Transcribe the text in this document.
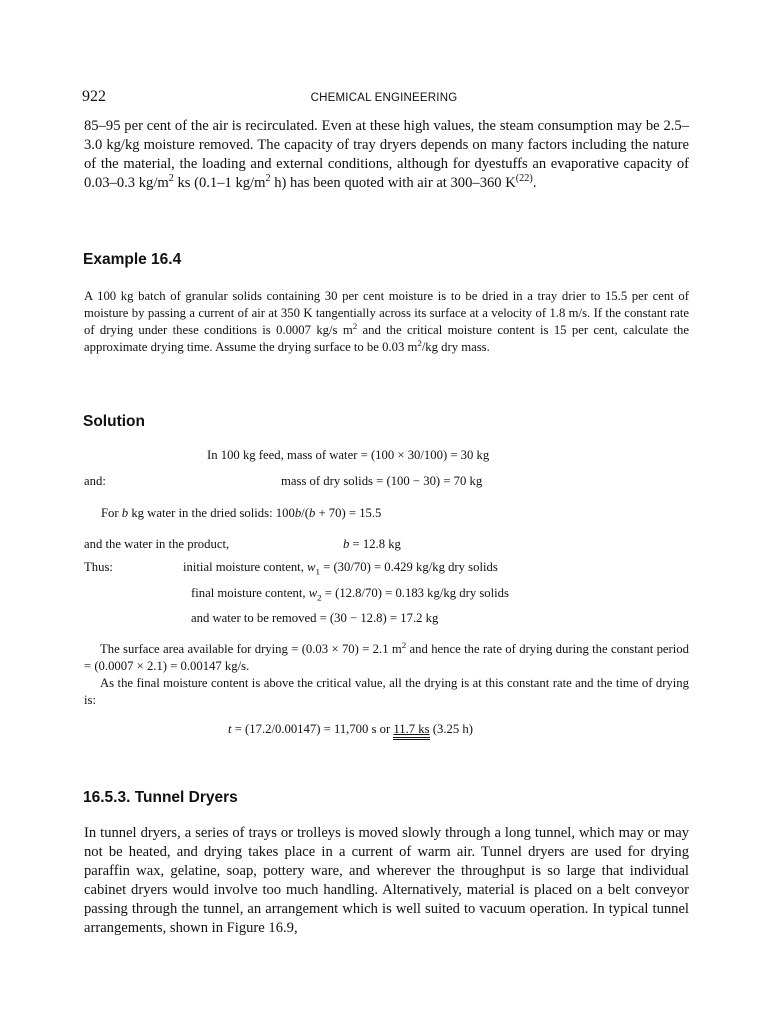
922	CHEMICAL ENGINEERING
85–95 per cent of the air is recirculated. Even at these high values, the steam consumption may be 2.5–3.0 kg/kg moisture removed. The capacity of tray dryers depends on many factors including the nature of the material, the loading and external conditions, although for dyestuffs an evaporative capacity of 0.03–0.3 $kg/m^2$ ks (0.1–1 $kg/m^2$ h) has been quoted with air at 300–360 $K^{(22)}$.
Example 16.4
A 100 kg batch of granular solids containing 30 per cent moisture is to be dried in a tray drier to 15.5 per cent of moisture by passing a current of air at 350 K tangentially across its surface at a velocity of 1.8 m/s. If the constant rate of drying under these conditions is 0.0007 kg/s $m^2$ and the critical moisture content is 15 per cent, calculate the approximate drying time. Assume the drying surface to be 0.03 $m^2/kg$ dry mass.
Solution
In 100 kg feed, mass of water = (100 × 30/100) = 30 kg
and:	mass of dry solids = (100 − 30) = 70 kg
For b kg water in the dried solids: 100b/(b + 70) = 15.5
and the water in the product,	b = 12.8 kg
Thus:	initial moisture content, $w_1 = (30/70) = 0.429$ kg/kg dry solids
final moisture content, $w_2 = (12.8/70) = 0.183$ kg/kg dry solids
and water to be removed = (30 − 12.8) = 17.2 kg
The surface area available for drying = (0.03 × 70) = 2.1 $m^2$ and hence the rate of drying during the constant period = (0.0007 × 2.1) = 0.00147 kg/s.
As the final moisture content is above the critical value, all the drying is at this constant rate and the time of drying is:
t = (17.2/0.00147) = 11,700 s or 11.7 ks (3.25 h)
16.5.3. Tunnel Dryers
In tunnel dryers, a series of trays or trolleys is moved slowly through a long tunnel, which may or may not be heated, and drying takes place in a current of warm air. Tunnel dryers are used for drying paraffin wax, gelatine, soap, pottery ware, and wherever the throughput is so large that individual cabinet dryers would involve too much handling. Alternatively, material is placed on a belt conveyor passing through the tunnel, an arrangement which is well suited to vacuum operation. In typical tunnel arrangements, shown in Figure 16.9,
